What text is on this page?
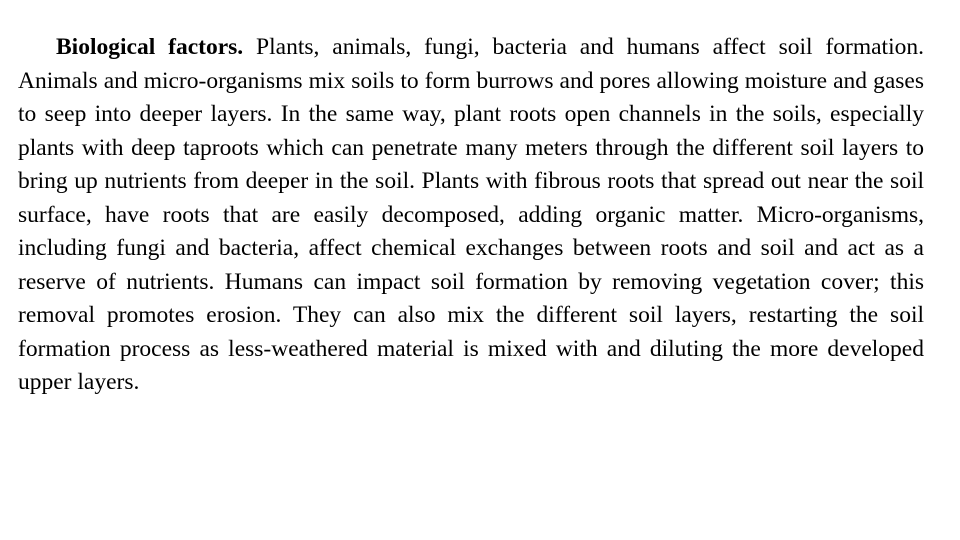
Biological factors. Plants, animals, fungi, bacteria and humans affect soil formation. Animals and micro-organisms mix soils to form burrows and pores allowing moisture and gases to seep into deeper layers. In the same way, plant roots open channels in the soils, especially plants with deep taproots which can penetrate many meters through the different soil layers to bring up nutrients from deeper in the soil. Plants with fibrous roots that spread out near the soil surface, have roots that are easily decomposed, adding organic matter. Micro-organisms, including fungi and bacteria, affect chemical exchanges between roots and soil and act as a reserve of nutrients. Humans can impact soil formation by removing vegetation cover; this removal promotes erosion. They can also mix the different soil layers, restarting the soil formation process as less-weathered material is mixed with and diluting the more developed upper layers.
